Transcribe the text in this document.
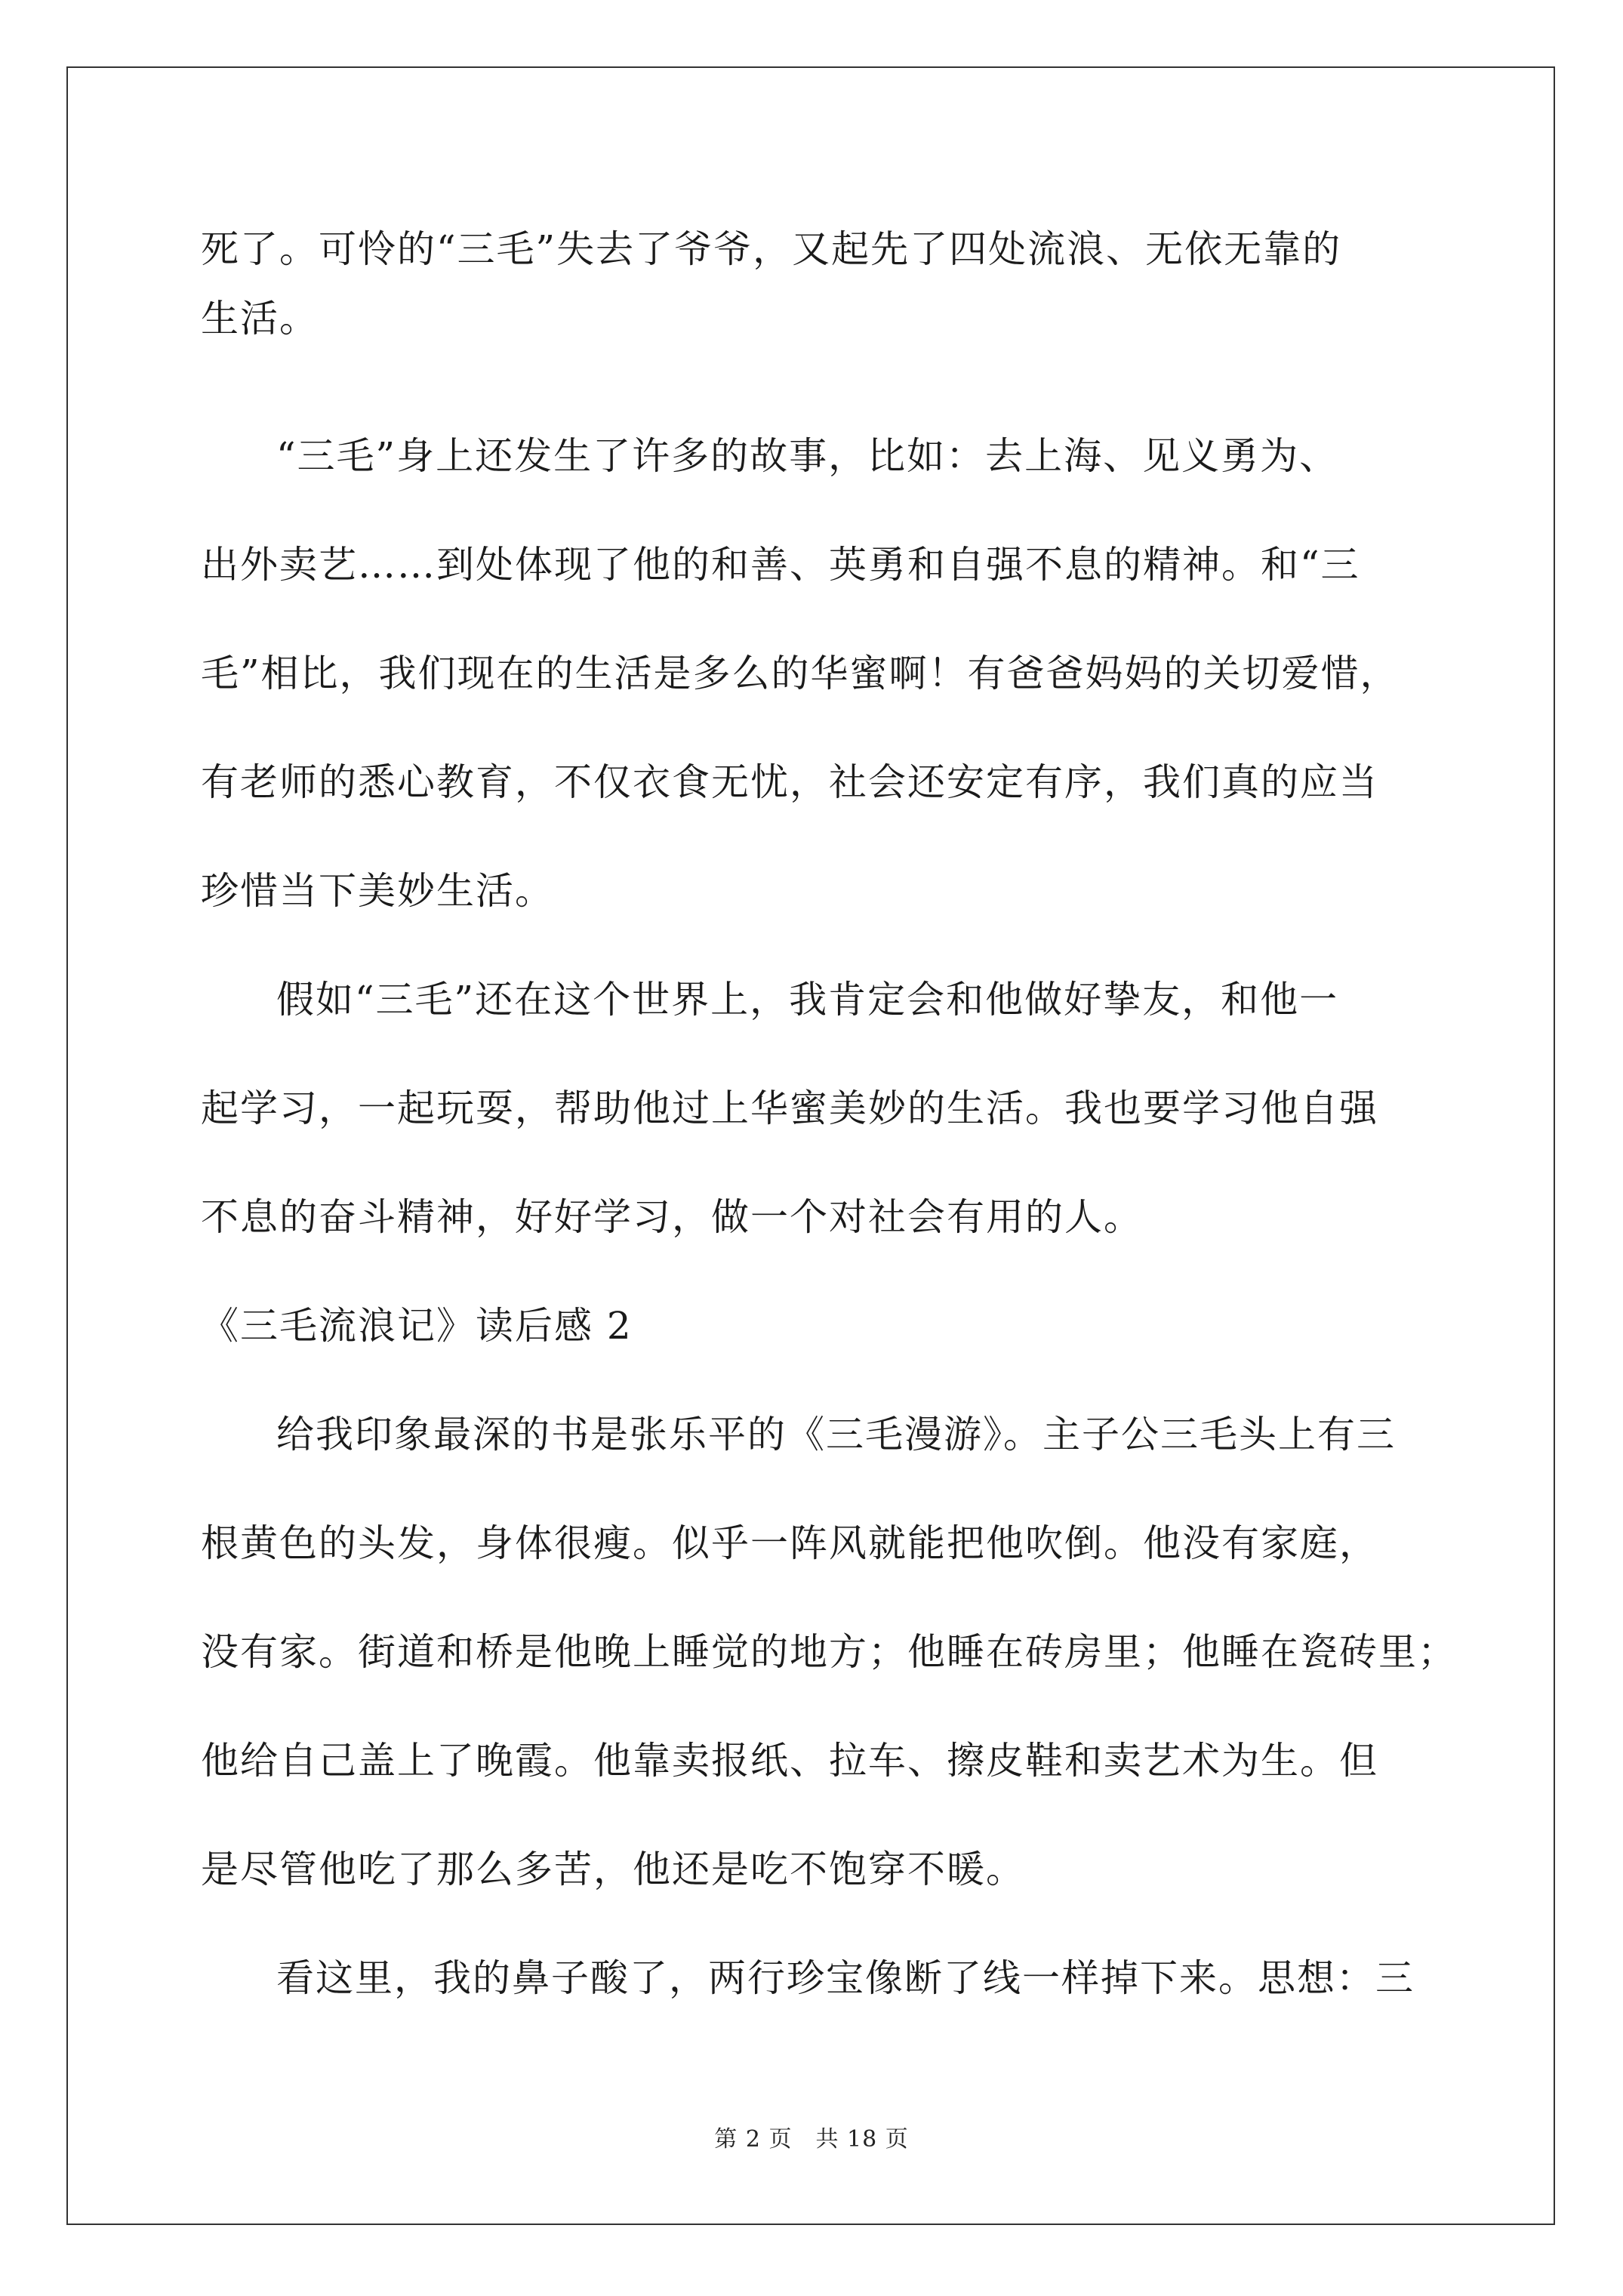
死了。可怜的“三毛”失去了爷爷，又起先了四处流浪、无依无靠的
生活。
“三毛”身上还发生了许多的故事，比如：去上海、见义勇为、
出外卖艺……到处体现了他的和善、英勇和自强不息的精神。和“三
毛”相比，我们现在的生活是多么的华蜜啊！有爸爸妈妈的关切爱惜，
有老师的悉心教育，不仅衣食无忧，社会还安定有序，我们真的应当
珍惜当下美妙生活。
假如“三毛”还在这个世界上，我肯定会和他做好挚友，和他一
起学习，一起玩耍，帮助他过上华蜜美妙的生活。我也要学习他自强
不息的奋斗精神，好好学习，做一个对社会有用的人。
《三毛流浪记》读后感 2
给我印象最深的书是张乐平的《三毛漫游》。主子公三毛头上有三
根黄色的头发，身体很瘦。似乎一阵风就能把他吹倒。他没有家庭，
没有家。街道和桥是他晚上睡觉的地方；他睡在砖房里；他睡在瓷砖里；
他给自己盖上了晚霞。他靠卖报纸、拉车、擦皮鞋和卖艺术为生。但
是尽管他吃了那么多苦，他还是吃不饱穿不暖。
看这里，我的鼻子酸了，两行珍宝像断了线一样掉下来。思想：三
第 2 页　共 18 页
